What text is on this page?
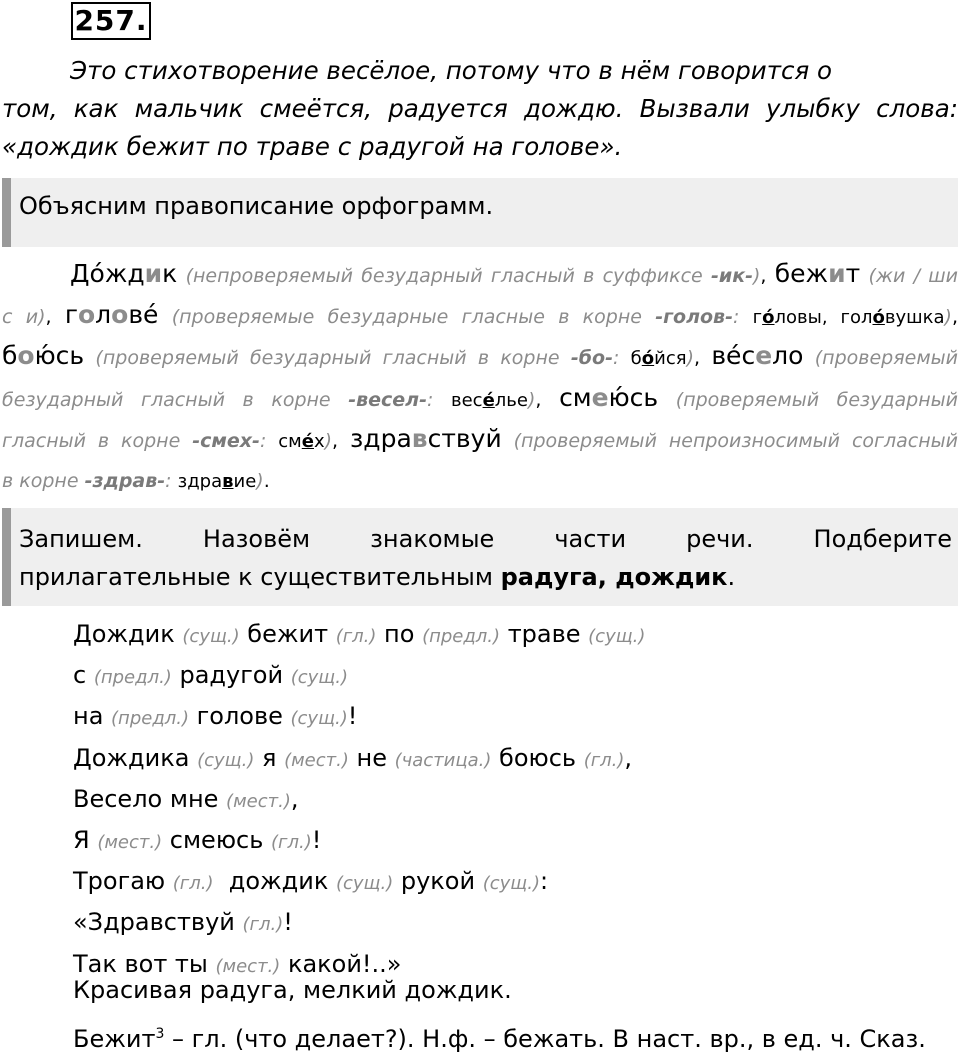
257.
Это стихотворение весёлое, потому что в нём говорится о
том, как мальчик смеётся, радуется дождю. Вызвали улыбку слова:
«дождик бежит по траве с радугой на голове».
Объясним правописание орфограмм.
До́ждик (непроверяемый безударный гласный в суффиксе -ик-), бежит (жи / ши
с и), голове́ (проверяемые безударные гласные в корне -голов-: го́ловы, голо́вушка),
бою́сь (проверяемый безударный гласный в корне -бо-: бо́йся), ве́село (проверяемый
безударный гласный в корне -весел-: весе́лье), смею́сь (проверяемый безударный
гласный в корне -смех-: сме́х), здравствуй (проверяемый непроизносимый согласный
в корне -здрав-: здравие).
Запишем.	Назовём	знакомые	части	речи.	Подберите
прилагательные к существительным радуга, дождик.
Дождик (сущ.) бежит (гл.) по (предл.) траве (сущ.)
с (предл.) радугой (сущ.)
на (предл.) голове (сущ.)!
Дождика (сущ.) я (мест.) не (частица.) боюсь (гл.),
Весело мне (мест.),
Я (мест.) смеюсь (гл.)!
Трогаю (гл.)  дождик (сущ.) рукой (сущ.):
«Здравствуй (гл.)!
Так вот ты (мест.) какой!..»
Красивая радуга, мелкий дождик.
Бежит$^3$ – гл. (что делает?). Н.ф. – бежать. В наст. вр., в ед. ч. Сказ.
